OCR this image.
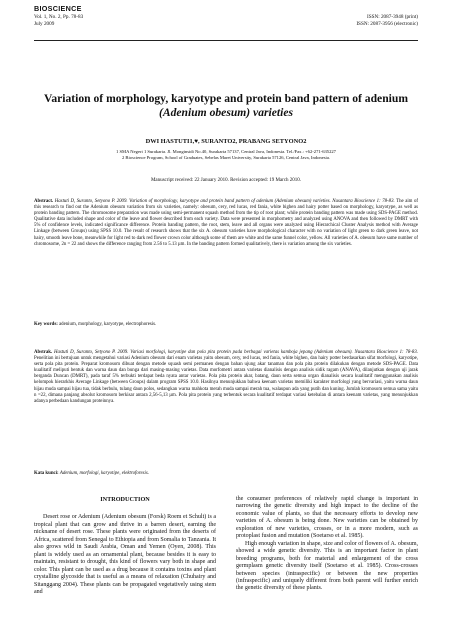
BIOSCIENCE
Vol. 1, No. 2, Pp. 78-83
July 2009
ISSN: 2087-3948 (print)
ISSN: 2087-3956 (electronic)
Variation of morphology, karyotype and protein band pattern of adenium
(Adenium obesum) varieties
DWI HASTUTI1,♥, SURANTO2, PRABANG SETYONO2
1 SMA Negeri 1 Surakarta. Jl. Monginsidi No.40, Surakarta 57137, Central Java, Indonesia. Tel./Fax.: +62-271-635227
2 Bioscience Program, School of Graduates, Sebelas Maret University, Surakarta 57126, Central Java, Indonesia.
Manuscript received: 22 January 2010. Revision accepted: 19 March 2010.
Abstract. Hastuti D, Suranto, Setyono P. 2009. Variation of morphology, karyotype and protein band pattern of adenium (Adenium obesum) varieties. Nusantara Bioscience 1: 78-83. The aim of this research to find out the Adenium obesum variation from six varieties, namely: obesum, cery, red lucas, red fania, white bighen and hairy potter based on morphology, karyotype, as well as protein banding pattern. The chromosome preparation was made using semi-permanent squash method from the tip of root plant; while protein banding pattern was made using SDS-PAGE method. Qualitative data included shape and color of the leave and flower described from each variety. Data were presented in morphometry and analyzed using ANOVA and then followed by DMRT with 5% of confidence levels, indicated significance difference. Protein banding pattern, the root, stem, leave and all organs were analyzed using Hierarchical Cluster Analysis method with Average Linkage (between Groups) using SPSS 10.0. The result of research shows that the six A. obesum varieties have morphological character with no variation of light green to dark green leave, not hairy, smooth leave bone, meanwhile for light red to dark red flower crown color although some of them are white and the same funnel color, yellow. All varieties of A. obesum have same number of chromosome, 2n = 22 and shows the difference ranging from 2.56 to 5.13 µm. In the banding pattern formed qualitatively, there is variation among the six varieties.
Key words: adenium, morphology, karyotype, electrophoresis.
Abstrak. Hastuti D, Suranto, Setyono P. 2009. Variasi morfologi, karyotipe dan pola pita protein pada berbagai varietas kamboja jepang (Adenium obesum). Nusantara Bioscience 1: 78-83. Penelitian ini bertujuan untuk mengetahui variasi Adenium obesum dari enam varietas yaitu obesum, cery, red lucas, red fania, white bighen, dan hairy potter berdasarkan sifat morfologi, karyotipe, serta pola pita protein. Preparat kromosom dibuat dengan metode squash semi permanen dengan bahan ujung akar tanaman dan pola pita protein dilakukan dengan metode SDS-PAGE. Data kualitatif meliputi bentuk dan warna daun dan bunga dari masing-masing varietas. Data morfometri antara varietas dianalisis dengan analisis sidik ragam (ANAVA), dilanjutkan dengan uji jarak berganda Duncan (DMRT), pada taraf 5% terbukti terdapat beda nyata antar varietas. Pola pita protein akar, batang, daun serta semua organ dianalisis secara kualitatif menggunakan analisis kelompok hierarkhis Average Linkage (between Groups) dalam program SPSS 10.0. Hasilnya menunjukkan bahwa keenam varietas memiliki karakter morfologi yang bervariasi, yaitu warna daun hijau muda sampai hijau tua, tidak berbulu, tulang daun polos, sedangkan warna mahkota merah muda sampai merah tua, walaupun ada yang putih dan kuning. Jumlah kromosom semua sama yaitu n =22, dimana panjang absolut kromosom berkisar antara 2,56-5,13 µm. Pola pita protein yang terbentuk secara kualitatif terdapat variasi ketebalan di antara keenam varietas, yang menunjukkan adanya perbedaan kandungan proteinnya.
Kata kunci: Adenium, morfologi, karyotipe, elektroforesis.
INTRODUCTION

Desert rose or Adenium (Adenium obesum (Forsk) Roem et Schult) is a tropical plant that can grow and thrive in a barren desert, earning the nickname of desert rose. These plants were originated from the deserts of Africa, scattered from Senegal to Ethiopia and from Somalia to Tanzania. It also grows wild in Saudi Arabia, Oman and Yemen (Oyen, 2008). This plant is widely used as an ornamental plant, because besides it is easy to maintain, resistant to drought, this kind of flowers vary both in shape and color. This plant can be used as a drug because it contains toxins and plant crystalline glycoside that is useful as a means of relaxation (Chuhairy and Sitanggang 2004). These plants can be propagated vegetatively using stem and

the consumer preferences of relatively rapid change is important in narrowing the genetic diversity and high impact to the decline of the economic value of plants, so that the necessary efforts to develop new varieties of A. obesum is being done. New varieties can be obtained by exploration of new varieties, crosses, or in a more modern, such as protoplast fusion and mutation (Soetarso et al. 1985).

High enough variation in shape, size and color of flowers of A. obesum, showed a wide genetic diversity. This is an important factor in plant breeding programs, both for material and enlargement of the cross germplasm genetic diversity itself (Soetarso et al. 1985). Cross-crosses between species (intraspecific) or between the new properties (infraspecific) and uniquely different from both parent will further enrich the genetic diversity of these plants.
